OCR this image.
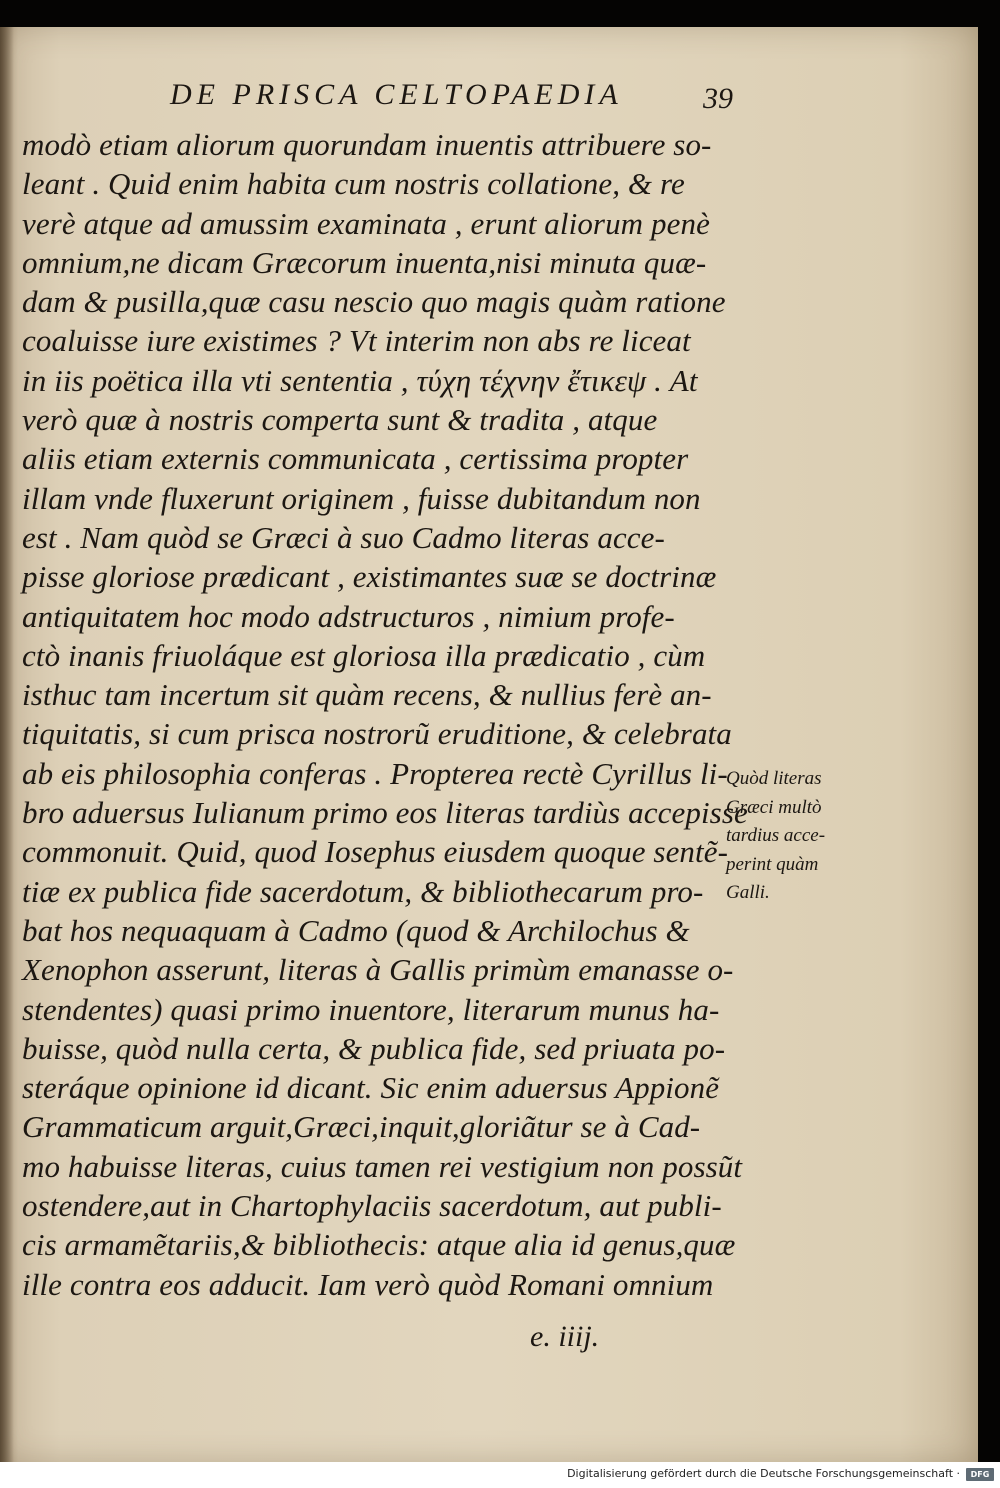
DE PRISCA CELTOPAEDIA	39
modò etiam aliorum quorundam inuentis attribuere so-
leant . Quid enim habita cum nostris collatione, & re
verè atque ad amussim examinata , erunt aliorum penè
omnium,ne dicam Græcorum inuenta,nisi minuta quæ-
dam & pusilla,quæ casu nescio quo magis quàm ratione
coaluisse iure existimes ? Vt interim non abs re liceat
in iis poëtica illa vti sententia , τύχη τέχνην ἔτικεψ . At
verò quæ à nostris comperta sunt & tradita , atque
aliis etiam externis communicata , certissima propter
illam vnde fluxerunt originem , fuisse dubitandum non
est . Nam quòd se Græci à suo Cadmo literas acce-
pisse gloriose prædicant , existimantes suæ se doctrinæ
antiquitatem hoc modo adstructuros , nimium profe-
ctò inanis friuoláque est gloriosa illa prædicatio , cùm
isthuc tam incertum sit quàm recens, & nullius ferè an-
tiquitatis, si cum prisca nostrorũ eruditione, & celebrata
ab eis philosophia conferas . Propterea rectè Cyrillus li-
bro aduersus Iulianum primo eos literas tardiùs accepisse
commonuit. Quid, quod Iosephus eiusdem quoque sentẽ-
tiæ ex publica fide sacerdotum, & bibliothecarum pro-
bat hos nequaquam à Cadmo (quod & Archilochus &
Xenophon asserunt, literas à Gallis primùm emanasse o-
stendentes) quasi primo inuentore, literarum munus ha-
buisse, quòd nulla certa, & publica fide, sed priuata po-
steráque opinione id dicant. Sic enim aduersus Appionẽ
Grammaticum arguit,Græci,inquit,gloriãtur se à Cad-
mo habuisse literas, cuius tamen rei vestigium non possũt
ostendere,aut in Chartophylaciis sacerdotum, aut publi-
cis armamẽtariis,& bibliothecis: atque alia id genus,quæ
ille contra eos adducit. Iam verò quòd Romani omnium
Quòd literas
Græci multò
tardius acce-
perint quàm
Galli.
e. iiij.
Digitalisierung gefördert durch die Deutsche Forschungsgemeinschaft ·	DFG
